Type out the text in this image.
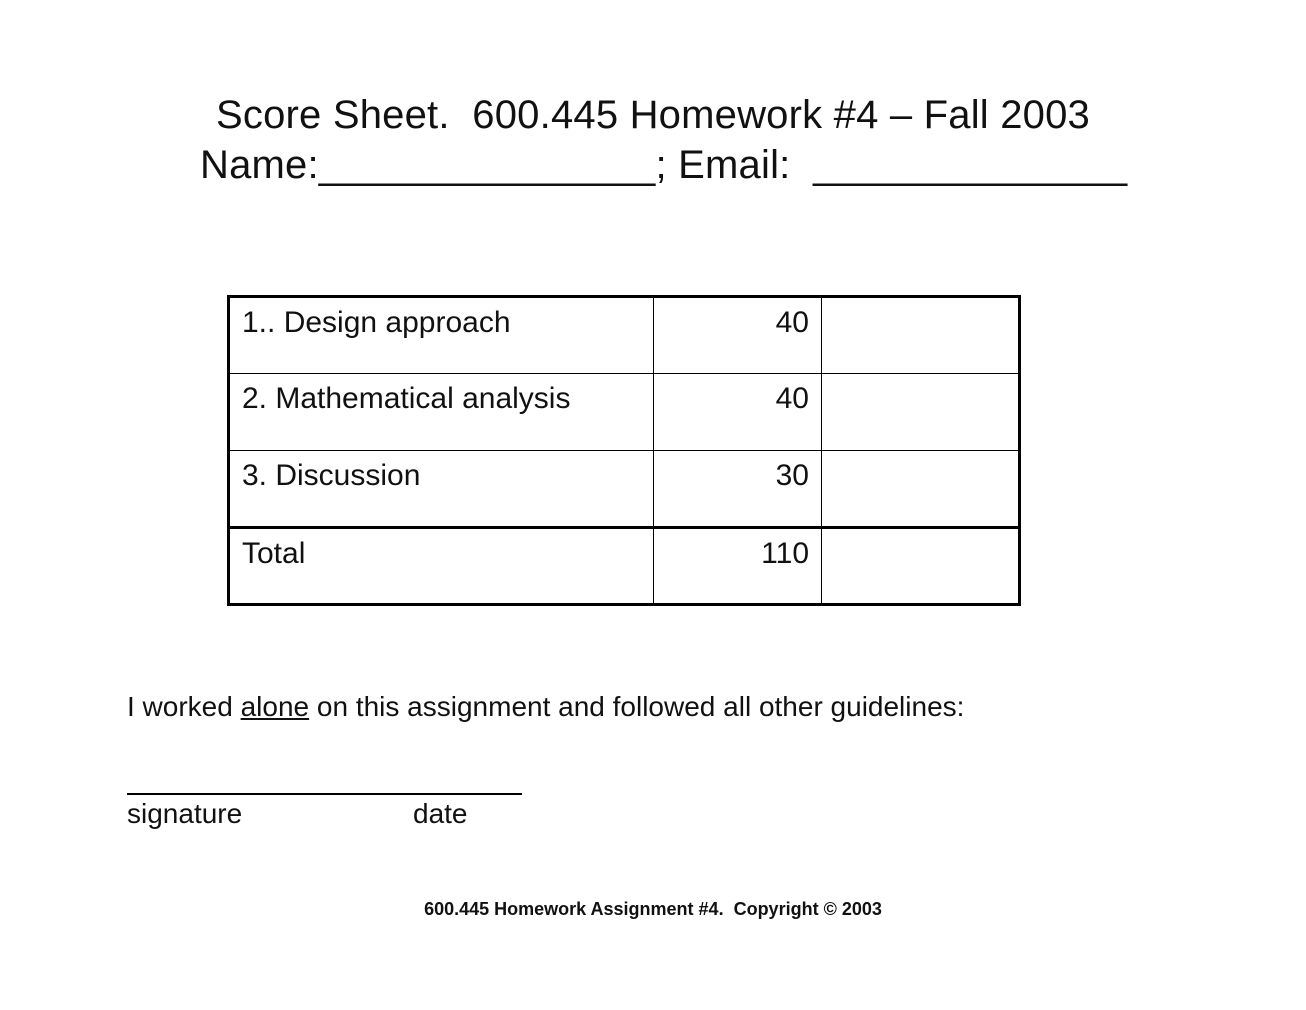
Score Sheet.  600.445 Homework #4 – Fall 2003
Name:_______________; Email:  ______________
1.. Design approach	40	
2. Mathematical analysis	40	
3. Discussion	30	
Total	110	
I worked alone on this assignment and followed all other guidelines:
signature	date
600.445 Homework Assignment #4.  Copyright © 2003
